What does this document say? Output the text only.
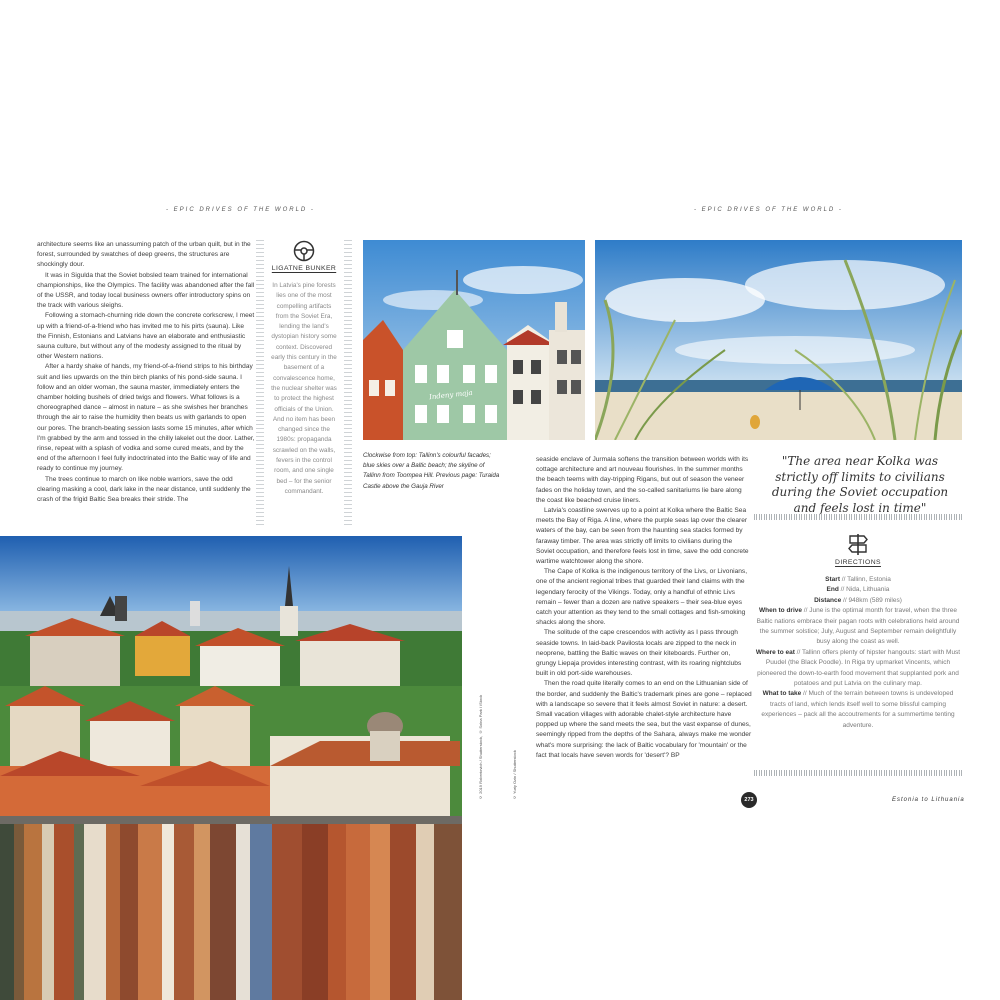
- EPIC DRIVES OF THE WORLD -	- EPIC DRIVES OF THE WORLD -

architecture seems like an unassuming patch of the urban quilt, but in the forest, surrounded by swatches of deep greens, the structures are shockingly dour.

It was in Sigulda that the Soviet bobsled team trained for international championships, like the Olympics. The facility was abandoned after the fall of the USSR, and today local business owners offer introductory spins on the track with various sleighs.

Following a stomach-churning ride down the concrete corkscrew, I meet up with a friend-of-a-friend who has invited me to his pirts (sauna). Like the Finnish, Estonians and Latvians have an elaborate and enthusiastic sauna culture, but without any of the modesty assigned to the ritual by other Western nations.

After a hardy shake of hands, my friend-of-a-friend strips to his birthday suit and lies upwards on the thin birch planks of his pond-side sauna. I follow and an older woman, the sauna master, immediately enters the chamber holding bushels of dried twigs and flowers. What follows is a choreographed dance – almost in nature – as she swishes her branches through the air to raise the humidity then beats us with garlands to open our pores. The branch-beating session lasts some 15 minutes, after which I'm grabbed by the arm and tossed in the chilly lakelet out the door. Lather, rinse, repeat with a splash of vodka and some cured meats, and by the end of the afternoon I feel fully indoctrinated into the Baltic way of life and ready to continue my journey.

The trees continue to march on like noble warriors, save the odd clearing masking a cool, dark lake in the near distance, until suddenly the crash of the frigid Baltic Sea breaks their stride. The

LIGATNE BUNKER
In Latvia's pine forests lies one of the most compelling artifacts from the Soviet Era, lending the land's dystopian history some context. Discovered early this century in the basement of a convalescence home, the nuclear shelter was to protect the highest officials of the Union. And no item has been changed since the 1980s: propaganda scrawled on the walls, fevers in the control room, and one single bed – for the senior commandant.
Indeny maja
Clockwise from top: Tallinn's colourful facades; blue skies over a Baltic beach; the skyline of Tallinn from Toompea Hill. Previous page: Turaida Castle above the Gauja River
© 2019 Robertovich / Shutterstock, © Solna Park / iStock	© Yuriy Ozin / Shutterstock

seaside enclave of Jurmala softens the transition between worlds with its cottage architecture and art nouveau flourishes. In the summer months the beach teems with day-tripping Rigans, but out of season the veneer fades on the holiday town, and the so-called sanitariums lie bare along the coast like beached cruise liners.

Latvia's coastline swerves up to a point at Kolka where the Baltic Sea meets the Bay of Riga. A line, where the purple seas lap over the clearer waters of the bay, can be seen from the haunting sea stacks formed by faraway timber. The area was strictly off limits to civilians during the Soviet occupation, and therefore feels lost in time, save the odd concrete wartime watchtower along the shore.

The Cape of Kolka is the indigenous territory of the Livs, or Livonians, one of the ancient regional tribes that guarded their land claims with the legendary ferocity of the Vikings. Today, only a handful of ethnic Livs remain – fewer than a dozen are native speakers – their sea-blue eyes catch your attention as they tend to the small cottages and fish-smoking shacks along the shore.

The solitude of the cape crescendos with activity as I pass through seaside towns. In laid-back Pavilosta locals are zipped to the neck in neoprene, battling the Baltic waves on their kiteboards. Further on, grungy Liepaja provides interesting contrast, with its roaring nightclubs built in old port-side warehouses.

Then the road quite literally comes to an end on the Lithuanian side of the border, and suddenly the Baltic's trademark pines are gone – replaced with a landscape so severe that it feels almost Soviet in nature: a desert. Small vacation villages with adorable chalet-style architecture have popped up where the sand meets the sea, but the vast expanse of dunes, seemingly ripped from the depths of the Sahara, always make me wonder what's more surprising: the lack of Baltic vocabulary for 'mountain' or the fact that locals have seven words for 'desert'? BP

"The area near Kolka was strictly off limits to civilians during the Soviet occupation and feels lost in time"
DIRECTIONS
Start // Tallinn, Estonia
End // Nida, Lithuania
Distance // 948km (589 miles)
When to drive // June is the optimal month for travel, when the three Baltic nations embrace their pagan roots with celebrations held around the summer solstice; July, August and September remain delightfully busy along the coast as well.
Where to eat // Tallinn offers plenty of hipster hangouts: start with Must Puudel (the Black Poodle). In Riga try upmarket Vincents, which pioneered the down-to-earth food movement that supplanted pork and potatoes and put Latvia on the culinary map.
What to take // Much of the terrain between towns is undeveloped tracts of land, which lends itself well to some blissful camping experiences – pack all the accoutrements for a summertime tenting adventure.
273	Estonia to Lithuania
